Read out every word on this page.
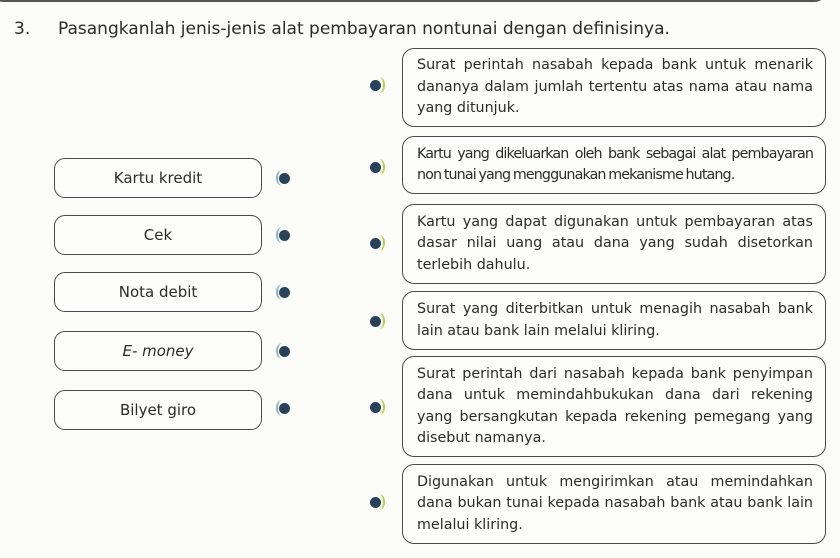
3. Pasangkanlah jenis-jenis alat pembayaran nontunai dengan definisinya.
Kartu kredit
Cek
Nota debit
E- money
Bilyet giro
Surat perintah nasabah kepada bank untuk menarik dananya dalam jumlah tertentu atas nama atau nama yang ditunjuk.
Kartu yang dikeluarkan oleh bank sebagai alat pembayaran non tunai yang menggunakan mekanisme hutang.
Kartu yang dapat digunakan untuk pembayaran atas dasar nilai uang atau dana yang sudah disetorkan terlebih dahulu.
Surat yang diterbitkan untuk menagih nasabah bank lain atau bank lain melalui kliring.
Surat perintah dari nasabah kepada bank penyimpan dana untuk memindahbukukan dana dari rekening yang bersangkutan kepada rekening pemegang yang disebut namanya.
Digunakan untuk mengirimkan atau memindahkan dana bukan tunai kepada nasabah bank atau bank lain melalui kliring.
